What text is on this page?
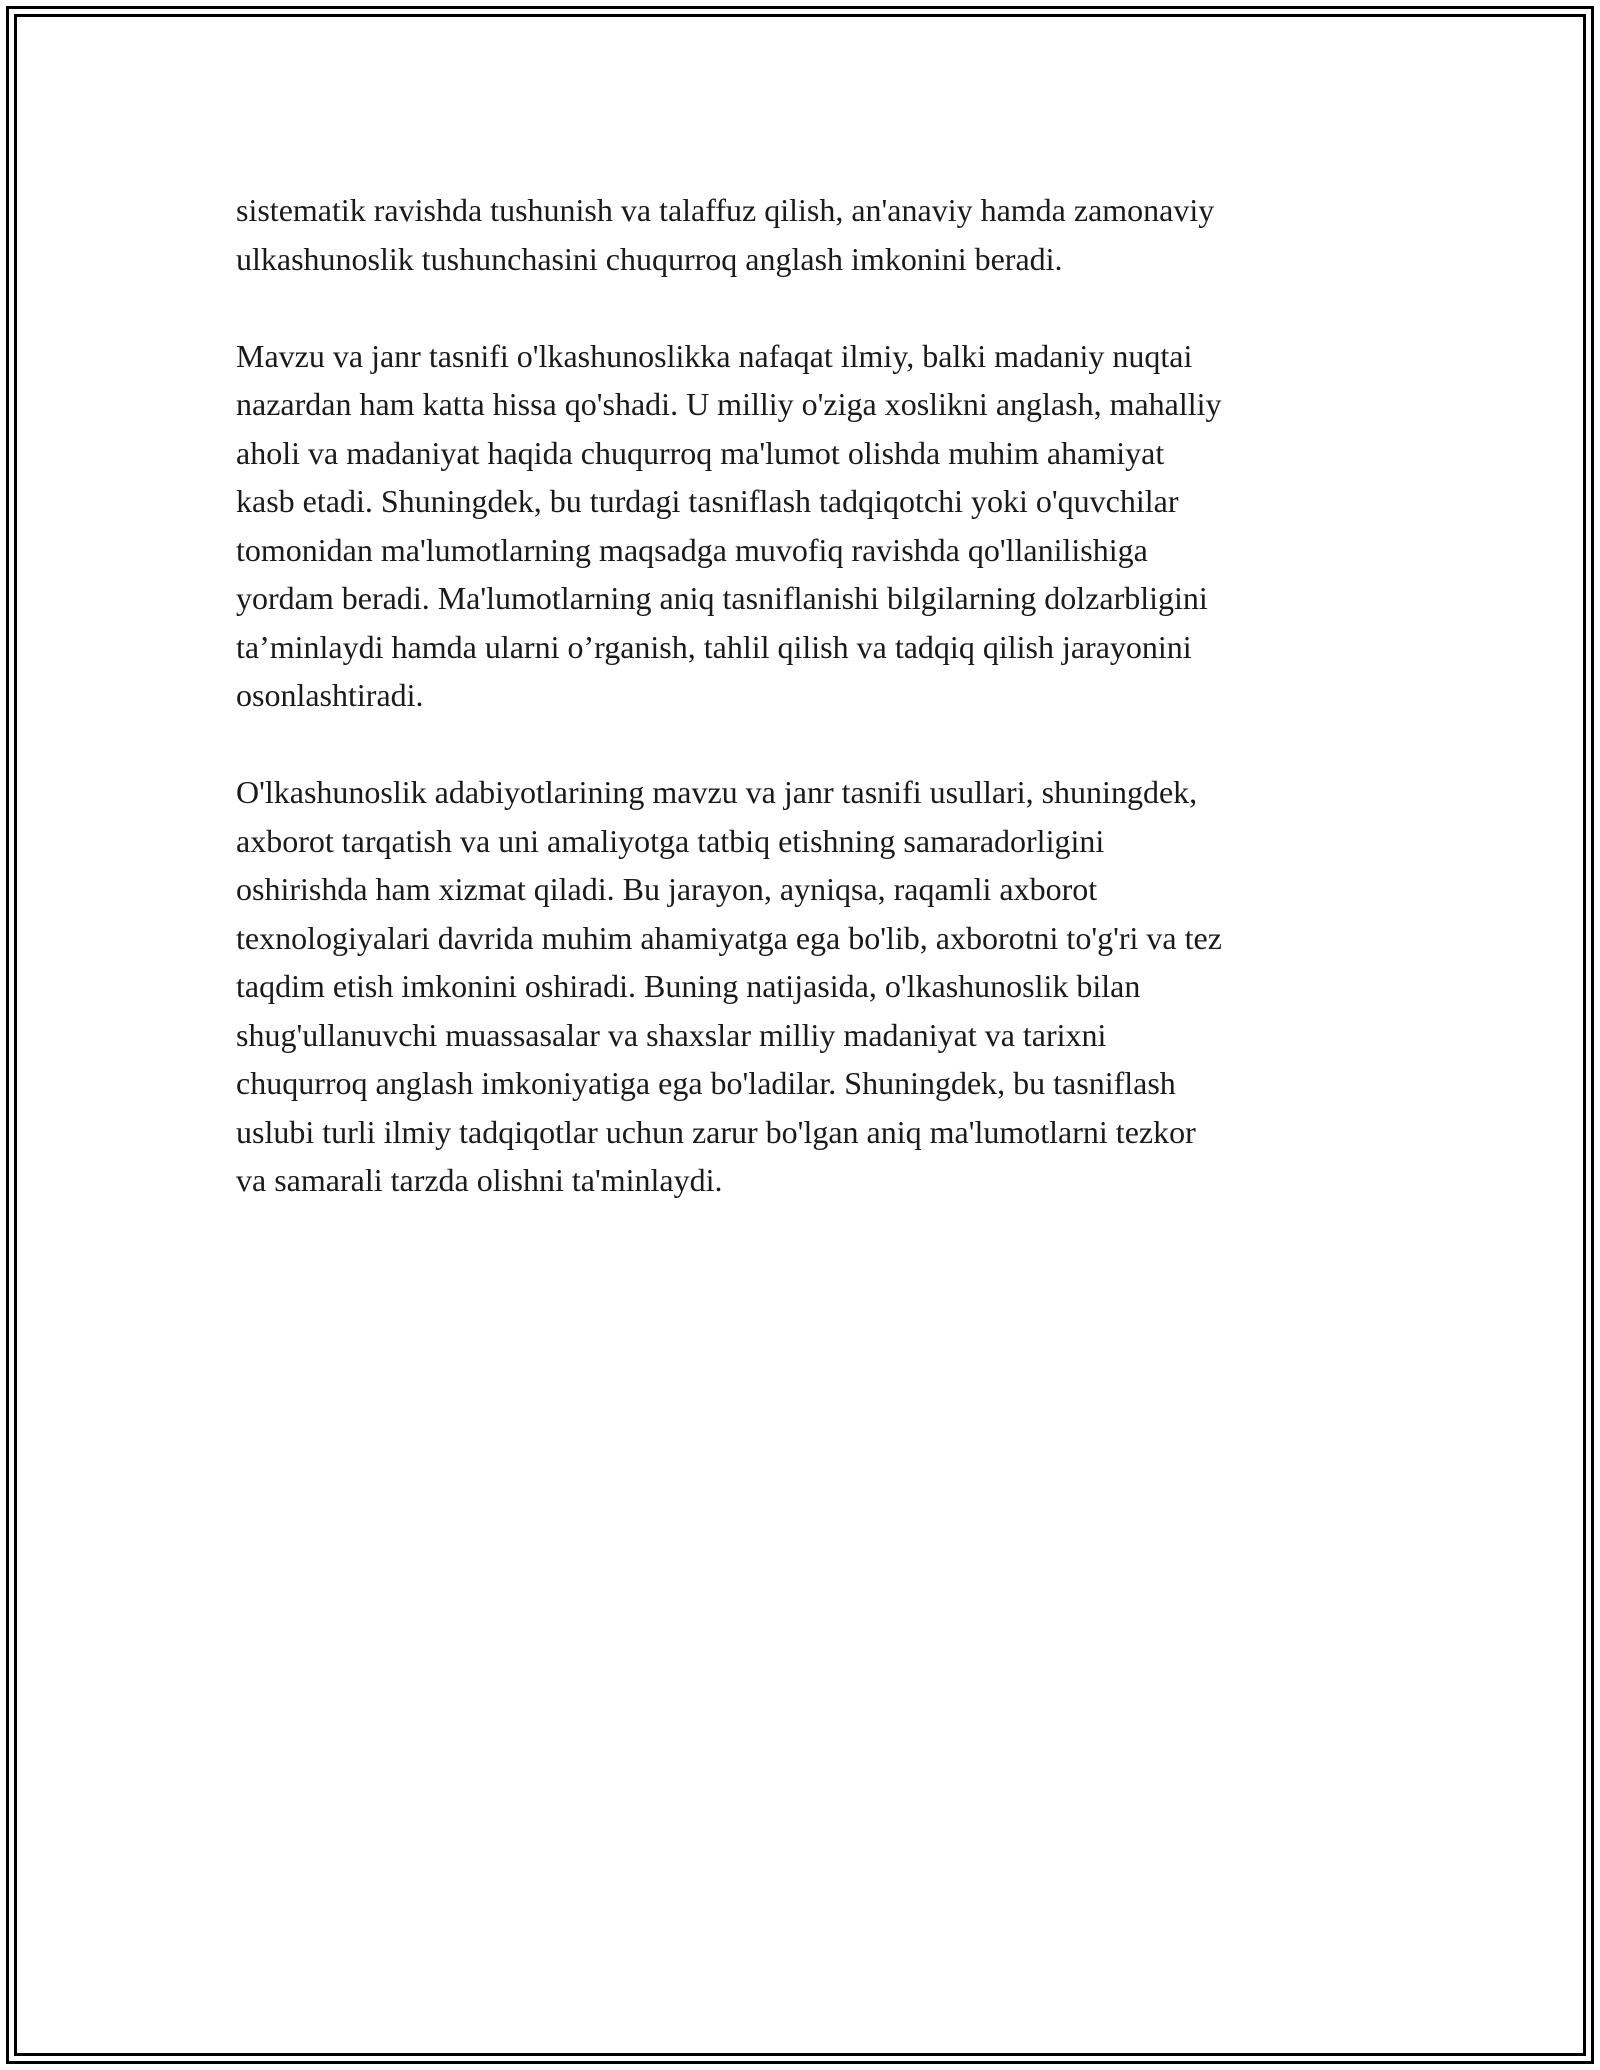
sistematik ravishda tushunish va talaffuz qilish, an'anaviy hamda zamonaviy
ulkashunoslik tushunchasini chuqurroq anglash imkonini beradi.

Mavzu va janr tasnifi o'lkashunoslikka nafaqat ilmiy, balki madaniy nuqtai
nazardan ham katta hissa qo'shadi. U milliy o'ziga xoslikni anglash, mahalliy
aholi va madaniyat haqida chuqurroq ma'lumot olishda muhim ahamiyat
kasb etadi. Shuningdek, bu turdagi tasniflash tadqiqotchi yoki o'quvchilar
tomonidan ma'lumotlarning maqsadga muvofiq ravishda qo'llanilishiga
yordam beradi. Ma'lumotlarning aniq tasniflanishi bilgilarning dolzarbligini
ta’minlaydi hamda ularni o’rganish, tahlil qilish va tadqiq qilish jarayonini
osonlashtiradi.

O'lkashunoslik adabiyotlarining mavzu va janr tasnifi usullari, shuningdek,
axborot tarqatish va uni amaliyotga tatbiq etishning samaradorligini
oshirishda ham xizmat qiladi. Bu jarayon, ayniqsa, raqamli axborot
texnologiyalari davrida muhim ahamiyatga ega bo'lib, axborotni to'g'ri va tez
taqdim etish imkonini oshiradi. Buning natijasida, o'lkashunoslik bilan
shug'ullanuvchi muassasalar va shaxslar milliy madaniyat va tarixni
chuqurroq anglash imkoniyatiga ega bo'ladilar. Shuningdek, bu tasniflash
uslubi turli ilmiy tadqiqotlar uchun zarur bo'lgan aniq ma'lumotlarni tezkor
va samarali tarzda olishni ta'minlaydi.
